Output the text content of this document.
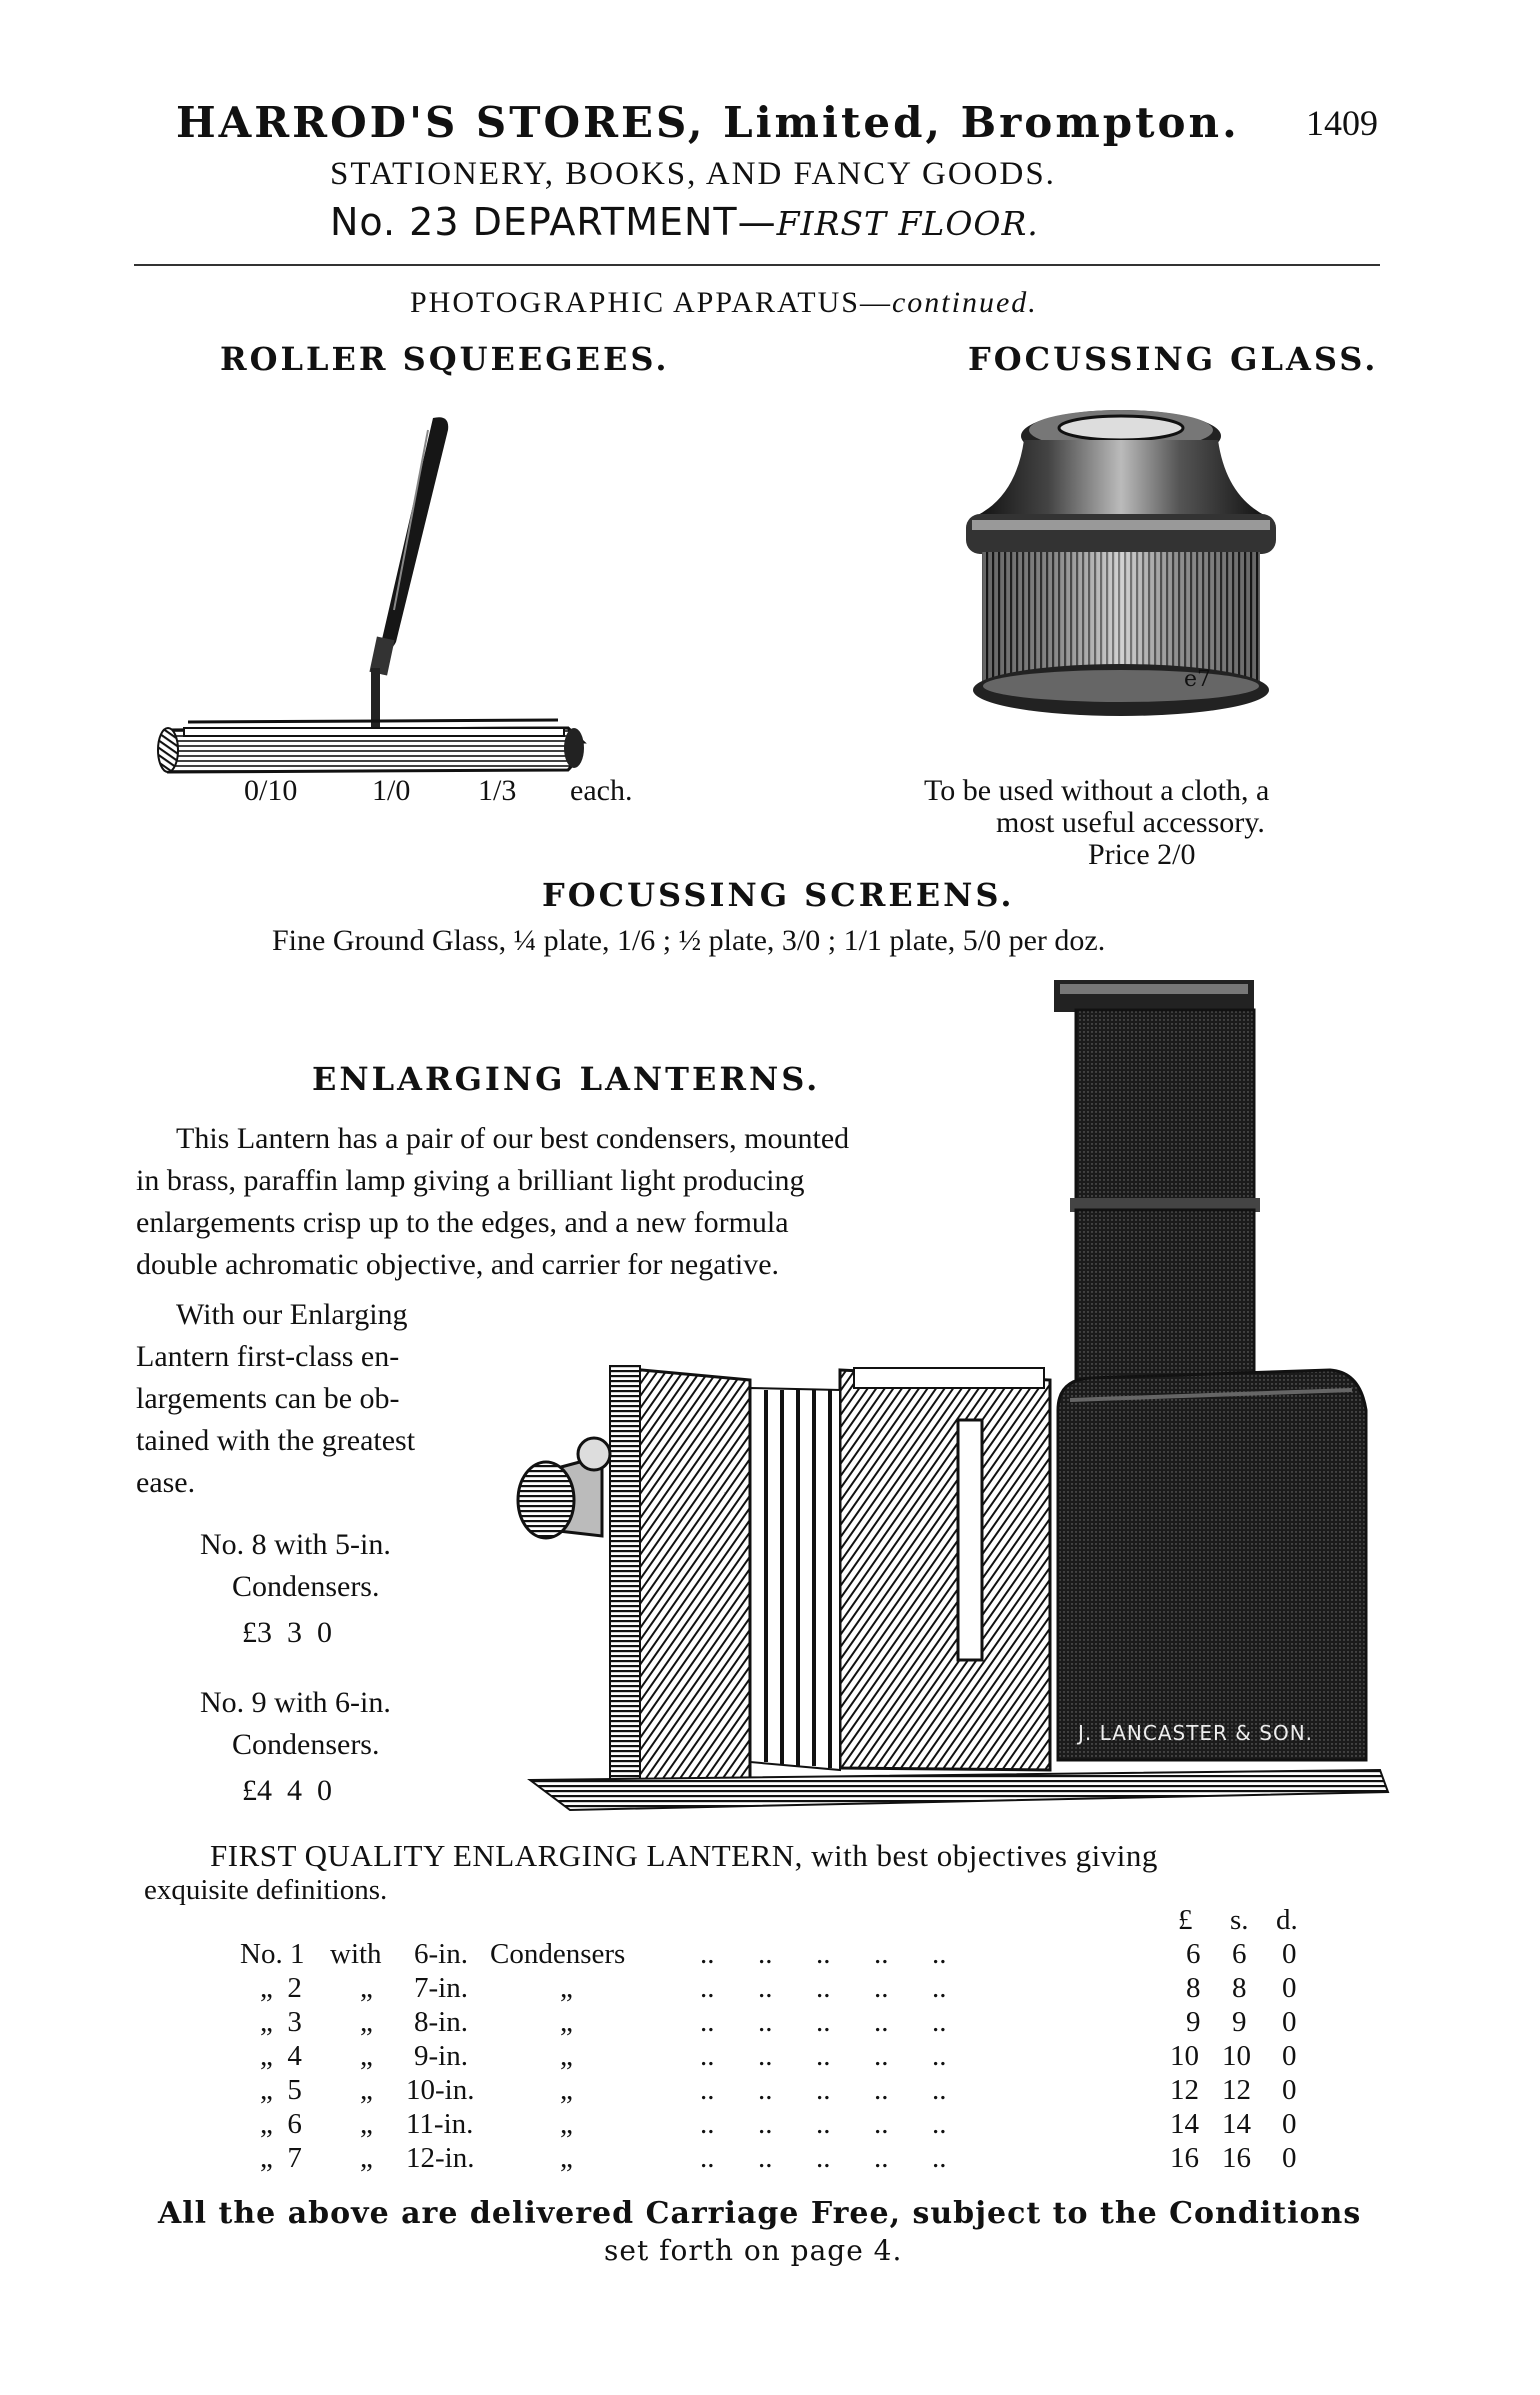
HARROD'S STORES, Limited, Brompton. 1409
STATIONERY, BOOKS, AND FANCY GOODS.
No. 23 DEPARTMENT—FIRST FLOOR.
PHOTOGRAPHIC APPARATUS—continued.
ROLLER SQUEEGEES.
0/10 1/0 1/3 each.
FOCUSSING GLASS.
e7
To be used without a cloth, a
most useful accessory.
Price 2/0
FOCUSSING SCREENS.
Fine Ground Glass, ¼ plate, 1/6 ; ½ plate, 3/0 ; 1/1 plate, 5/0 per doz.
J. LANCASTER & SON.
ENLARGING LANTERNS.
This Lantern has a pair of our best condensers, mounted
in brass, paraffin lamp giving a brilliant light producing
enlargements crisp up to the edges, and a new formula
double achromatic objective, and carrier for negative.
With our Enlarging
Lantern first-class en-
largements can be ob-
tained with the greatest
ease.
No. 8 with 5-in.
Condensers.
£3  3  0
No. 9 with 6-in.
Condensers.
£4  4  0
FIRST QUALITY ENLARGING LANTERN, with best objectives giving
exquisite definitions.
£ s. d.
No. 1 with 6-in. Condensers	..      ..      ..      ..      ..	6 6 0
„  2 „ 7-in.	„	..      ..      ..      ..      ..	8 8 0
„  3 „ 8-in.	„	..      ..      ..      ..      ..	9 9 0
„  4 „ 9-in.	„	..      ..      ..      ..      ..	10 10 0
„  5 „ 10-in.	„	..      ..      ..      ..      ..	12 12 0
„  6 „ 11-in.	„	..      ..      ..      ..      ..	14 14 0
„  7 „ 12-in.	„	..      ..      ..      ..      ..	16 16 0
All the above are delivered Carriage Free, subject to the Conditions
set forth on page 4.
